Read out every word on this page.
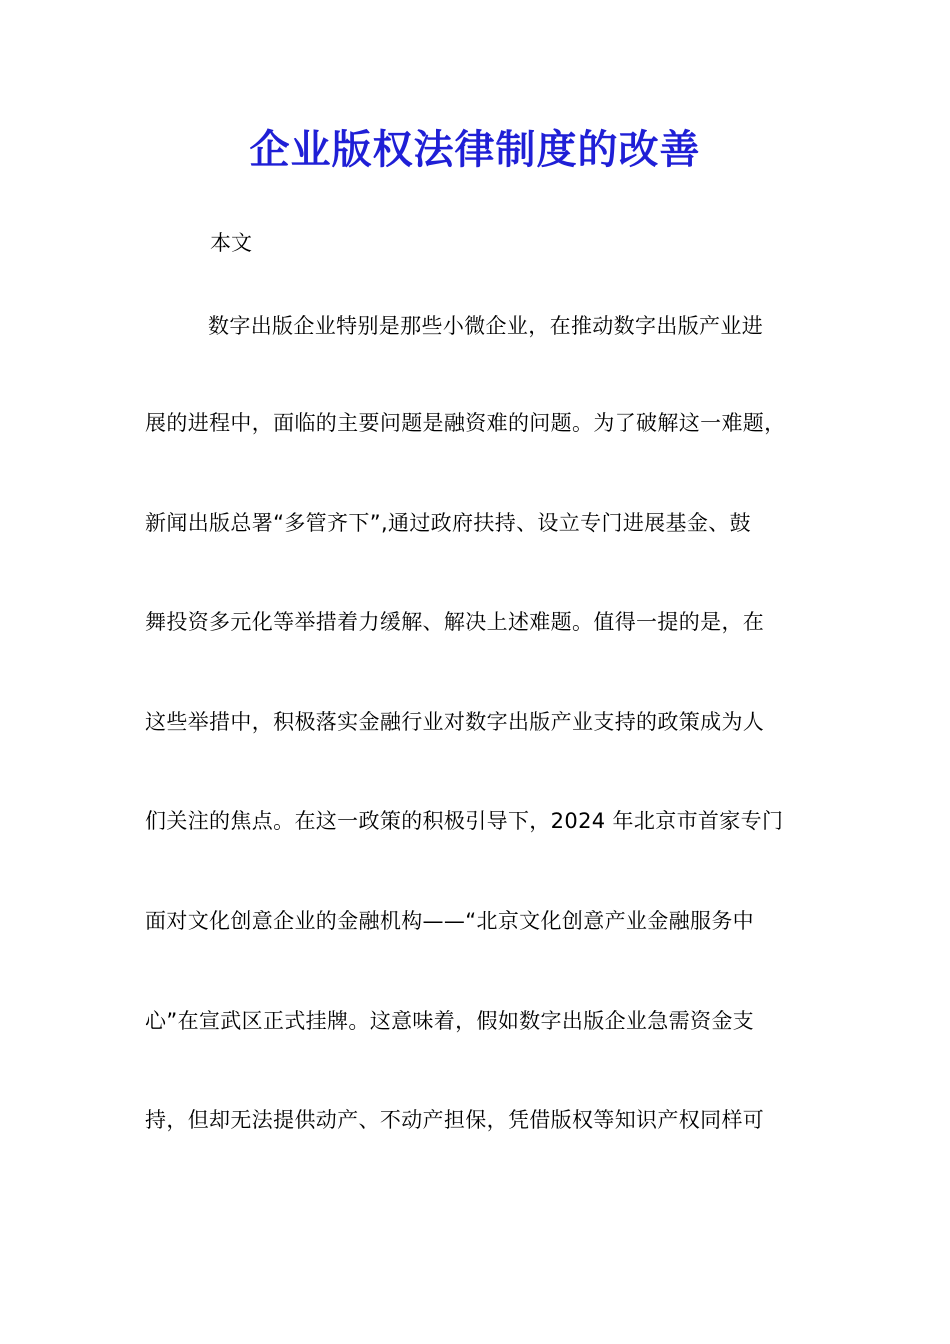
企业版权法律制度的改善

本文

数字出版企业特别是那些小微企业，在推动数字出版产业进

展的进程中，面临的主要问题是融资难的问题。为了破解这一难题，

新闻出版总署“多管齐下”,通过政府扶持、设立专门进展基金、鼓

舞投资多元化等举措着力缓解、解决上述难题。值得一提的是，在

这些举措中，积极落实金融行业对数字出版产业支持的政策成为人

们关注的焦点。在这一政策的积极引导下，2024 年北京市首家专门

面对文化创意企业的金融机构——“北京文化创意产业金融服务中

心”在宣武区正式挂牌。这意味着，假如数字出版企业急需资金支

持，但却无法提供动产、不动产担保，凭借版权等知识产权同样可
